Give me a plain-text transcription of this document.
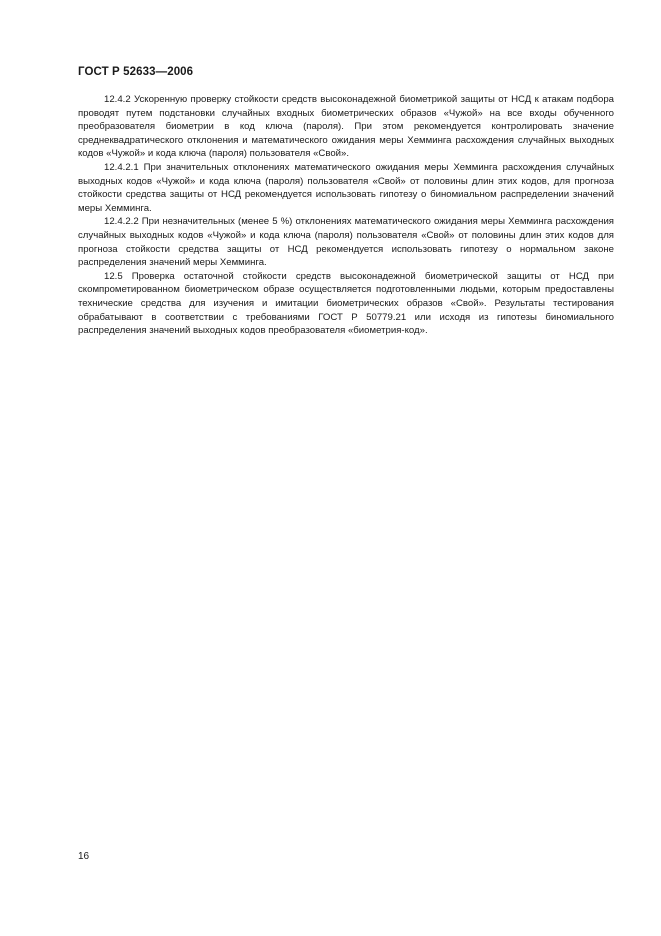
ГОСТ Р 52633—2006

12.4.2 Ускоренную проверку стойкости средств высоконадежной биометрикой защиты от НСД к атакам подбора проводят путем подстановки случайных входных биометрических образов «Чужой» на все входы обученного преобразователя биометрии в код ключа (пароля). При этом рекомендуется контролировать значение среднеквадратического отклонения и математического ожидания меры Хемминга расхождения случайных выходных кодов «Чужой» и кода ключа (пароля) пользователя «Свой».

12.4.2.1 При значительных отклонениях математического ожидания меры Хемминга расхождения случайных выходных кодов «Чужой» и кода ключа (пароля) пользователя «Свой» от половины длин этих кодов, для прогноза стойкости средства защиты от НСД рекомендуется использовать гипотезу о биномиальном распределении значений меры Хемминга.

12.4.2.2 При незначительных (менее 5 %) отклонениях математического ожидания меры Хемминга расхождения случайных выходных кодов «Чужой» и кода ключа (пароля) пользователя «Свой» от половины длин этих кодов для прогноза стойкости средства защиты от НСД рекомендуется использовать гипотезу о нормальном законе распределения значений меры Хемминга.

12.5 Проверка остаточной стойкости средств высоконадежной биометрической защиты от НСД при скомпрометированном биометрическом образе осуществляется подготовленными людьми, которым предоставлены технические средства для изучения и имитации биометрических образов «Свой». Результаты тестирования обрабатывают в соответствии с требованиями ГОСТ Р 50779.21 или исходя из гипотезы биномиального распределения значений выходных кодов преобразователя «биометрия-код».

16
